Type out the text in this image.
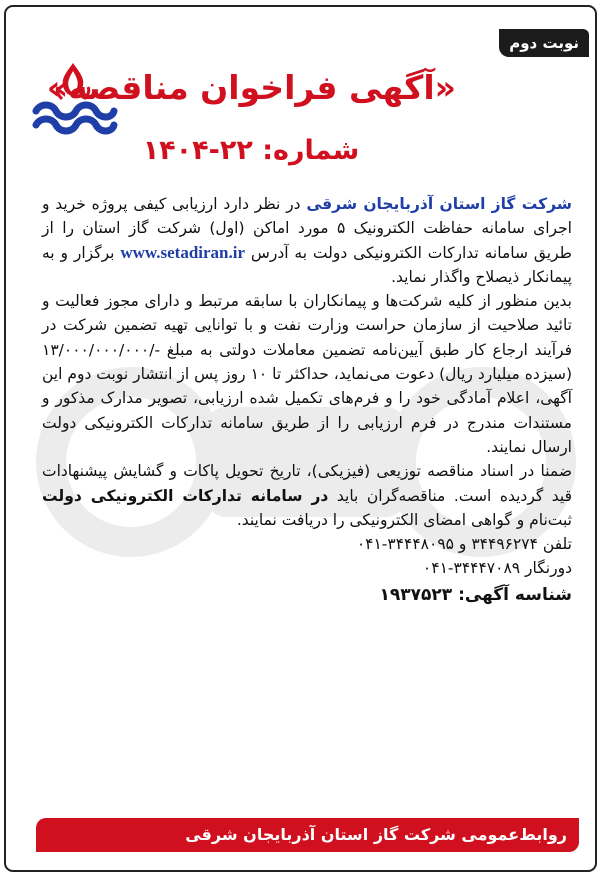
نوبت دوم
«آگهی فراخوان مناقصه»
شماره: ۲۲-۱۴۰۴

شرکت گاز استان آذربایجان شرقی در نظر دارد ارزیابی کیفی پروژه خرید و اجرای سامانه حفاظت الکترونیک ۵ مورد اماکن (اول) شرکت گاز استان را از طریق سامانه تدارکات الکترونیکی دولت به آدرس www.setadiran.ir برگزار و به پیمانکار ذیصلاح واگذار نماید.

بدین منظور از کلیه شرکت‌ها و پیمانکاران با سابقه مرتبط و دارای مجوز فعالیت و تائید صلاحیت از سازمان حراست وزارت نفت و با توانایی تهیه تضمین شرکت در فرآیند ارجاع کار طبق آیین‌نامه تضمین معاملات دولتی به مبلغ -/۱۳/۰۰۰/۰۰۰/۰۰۰ (سیزده میلیارد ریال) دعوت می‌نماید، حداکثر تا ۱۰ روز پس از انتشار نوبت دوم این آگهی، اعلام آمادگی خود را و فرم‌های تکمیل شده ارزیابی، تصویر مدارک مذکور و مستندات مندرج در فرم ارزیابی را از طریق سامانه تدارکات الکترونیکی دولت ارسال نمایند.

ضمنا در اسناد مناقصه توزیعی (فیزیکی)، تاریخ تحویل پاکات و گشایش پیشنهادات قید گردیده است. مناقصه‌گران باید در سامانه تدارکات الکترونیکی دولت ثبت‌نام و گواهی امضای الکترونیکی را دریافت نمایند.

تلفن ۳۴۴۹۶۲۷۴ و ۰۴۱-۳۴۴۴۸۰۹۵

دورنگار ۰۴۱-۳۴۴۴۷۰۸۹

شناسه آگهی: ۱۹۳۷۵۲۳

روابط‌عمومی شرکت گاز استان آذربایجان شرقی
